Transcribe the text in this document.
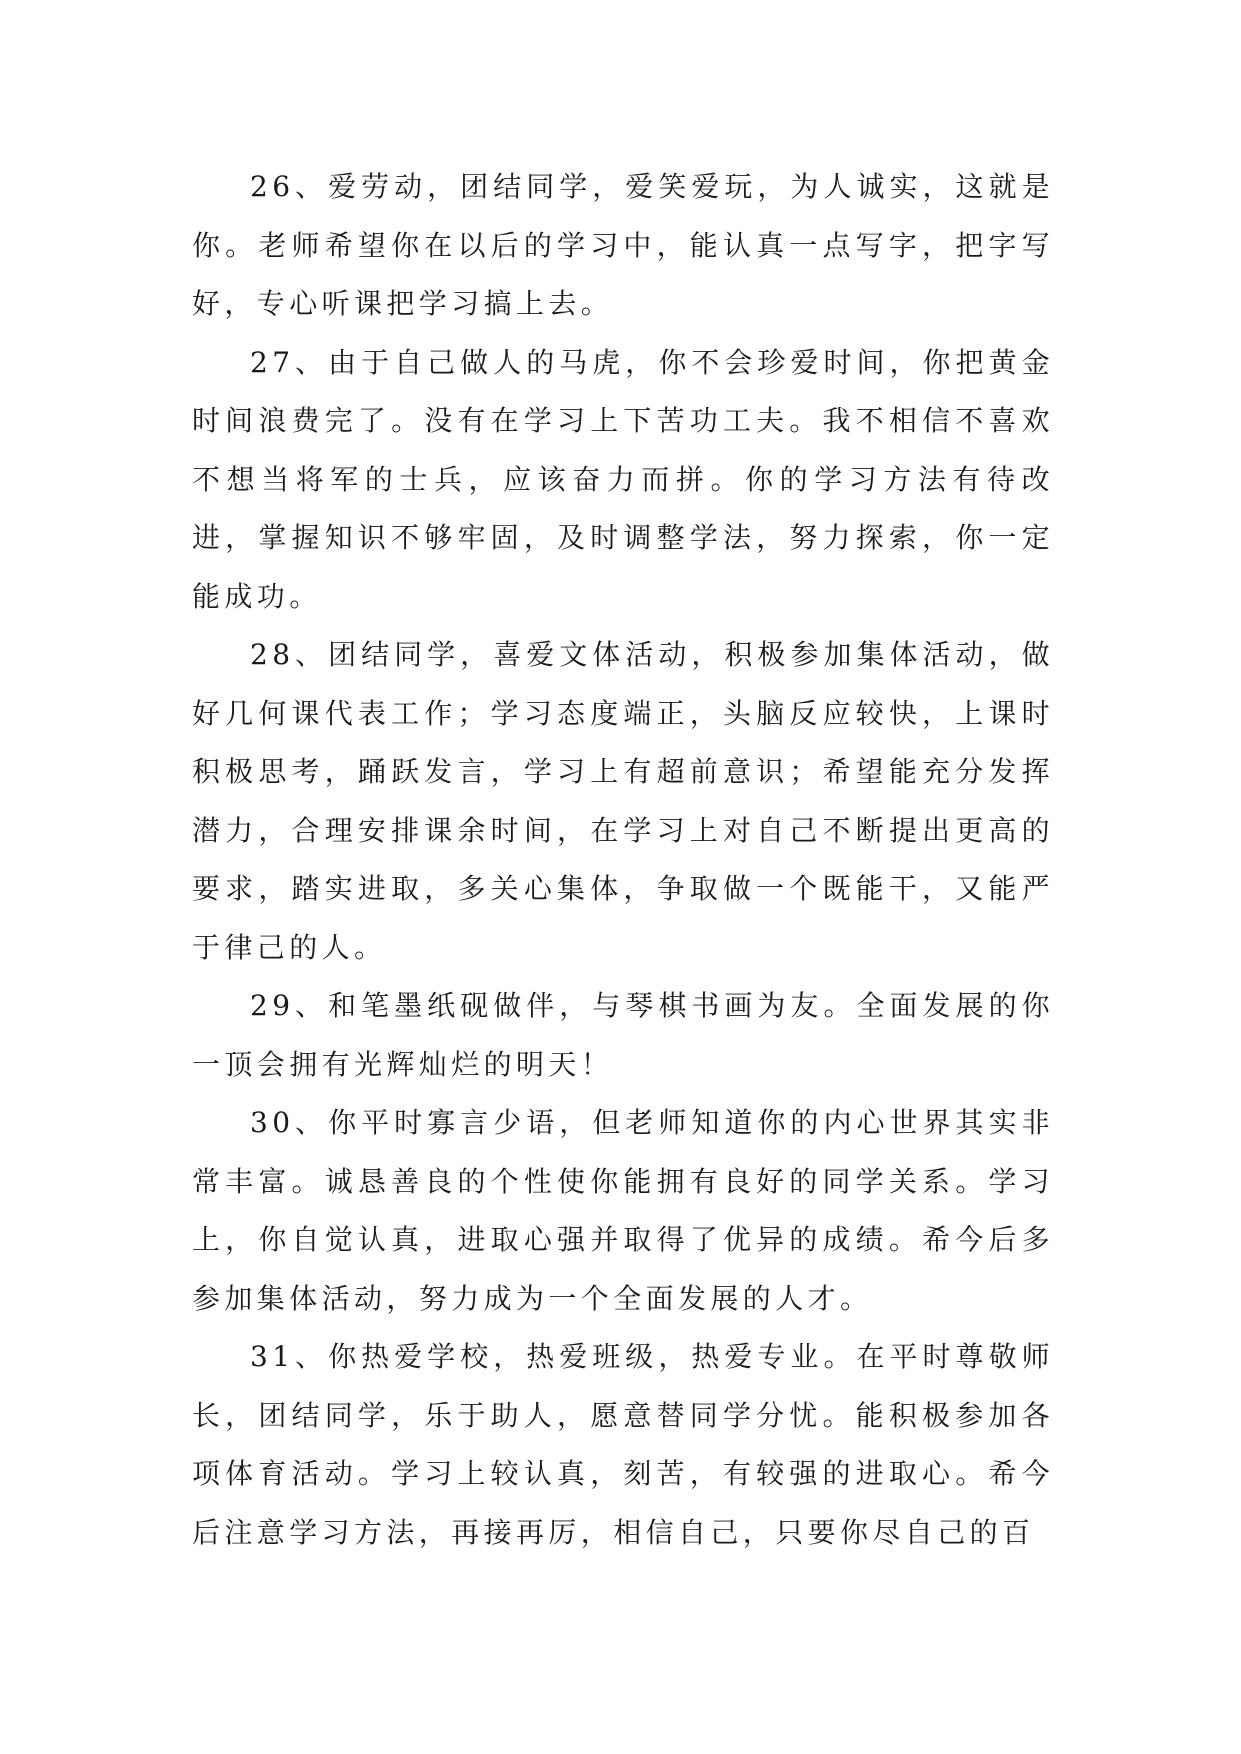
26、爱劳动，团结同学，爱笑爱玩，为人诚实，这就是你。老师希望你在以后的学习中，能认真一点写字，把字写好，专心听课把学习搞上去。

27、由于自己做人的马虎，你不会珍爱时间，你把黄金时间浪费完了。没有在学习上下苦功工夫。我不相信不喜欢不想当将军的士兵，应该奋力而拼。你的学习方法有待改进，掌握知识不够牢固，及时调整学法，努力探索，你一定能成功。

28、团结同学，喜爱文体活动，积极参加集体活动，做好几何课代表工作；学习态度端正，头脑反应较快，上课时积极思考，踊跃发言，学习上有超前意识；希望能充分发挥潜力，合理安排课余时间，在学习上对自己不断提出更高的要求，踏实进取，多关心集体，争取做一个既能干，又能严于律己的人。

29、和笔墨纸砚做伴，与琴棋书画为友。全面发展的你一顶会拥有光辉灿烂的明天！

30、你平时寡言少语，但老师知道你的内心世界其实非常丰富。诚恳善良的个性使你能拥有良好的同学关系。学习上，你自觉认真，进取心强并取得了优异的成绩。希今后多参加集体活动，努力成为一个全面发展的人才。

31、你热爱学校，热爱班级，热爱专业。在平时尊敬师长，团结同学，乐于助人，愿意替同学分忧。能积极参加各项体育活动。学习上较认真，刻苦，有较强的进取心。希今后注意学习方法，再接再厉，相信自己，只要你尽自己的百
